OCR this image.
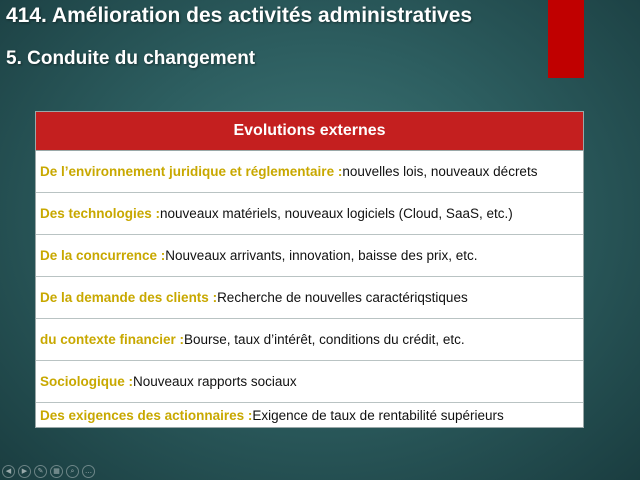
414. Amélioration des activités administratives
5. Conduite du changement
Evolutions externes
De l’environnement juridique et réglementaire : nouvelles lois, nouveaux décrets
Des technologies : nouveaux matériels, nouveaux logiciels (Cloud, SaaS, etc.)
De la concurrence : Nouveaux arrivants, innovation, baisse des prix, etc.
De la demande des clients : Recherche de nouvelles caractériqstiques
du contexte financier : Bourse, taux d’intérêt, conditions du crédit, etc.
Sociologique : Nouveaux rapports sociaux
Des exigences des actionnaires : Exigence de taux de rentabilité supérieurs
◀	▶	✎	▦	⌕	…
